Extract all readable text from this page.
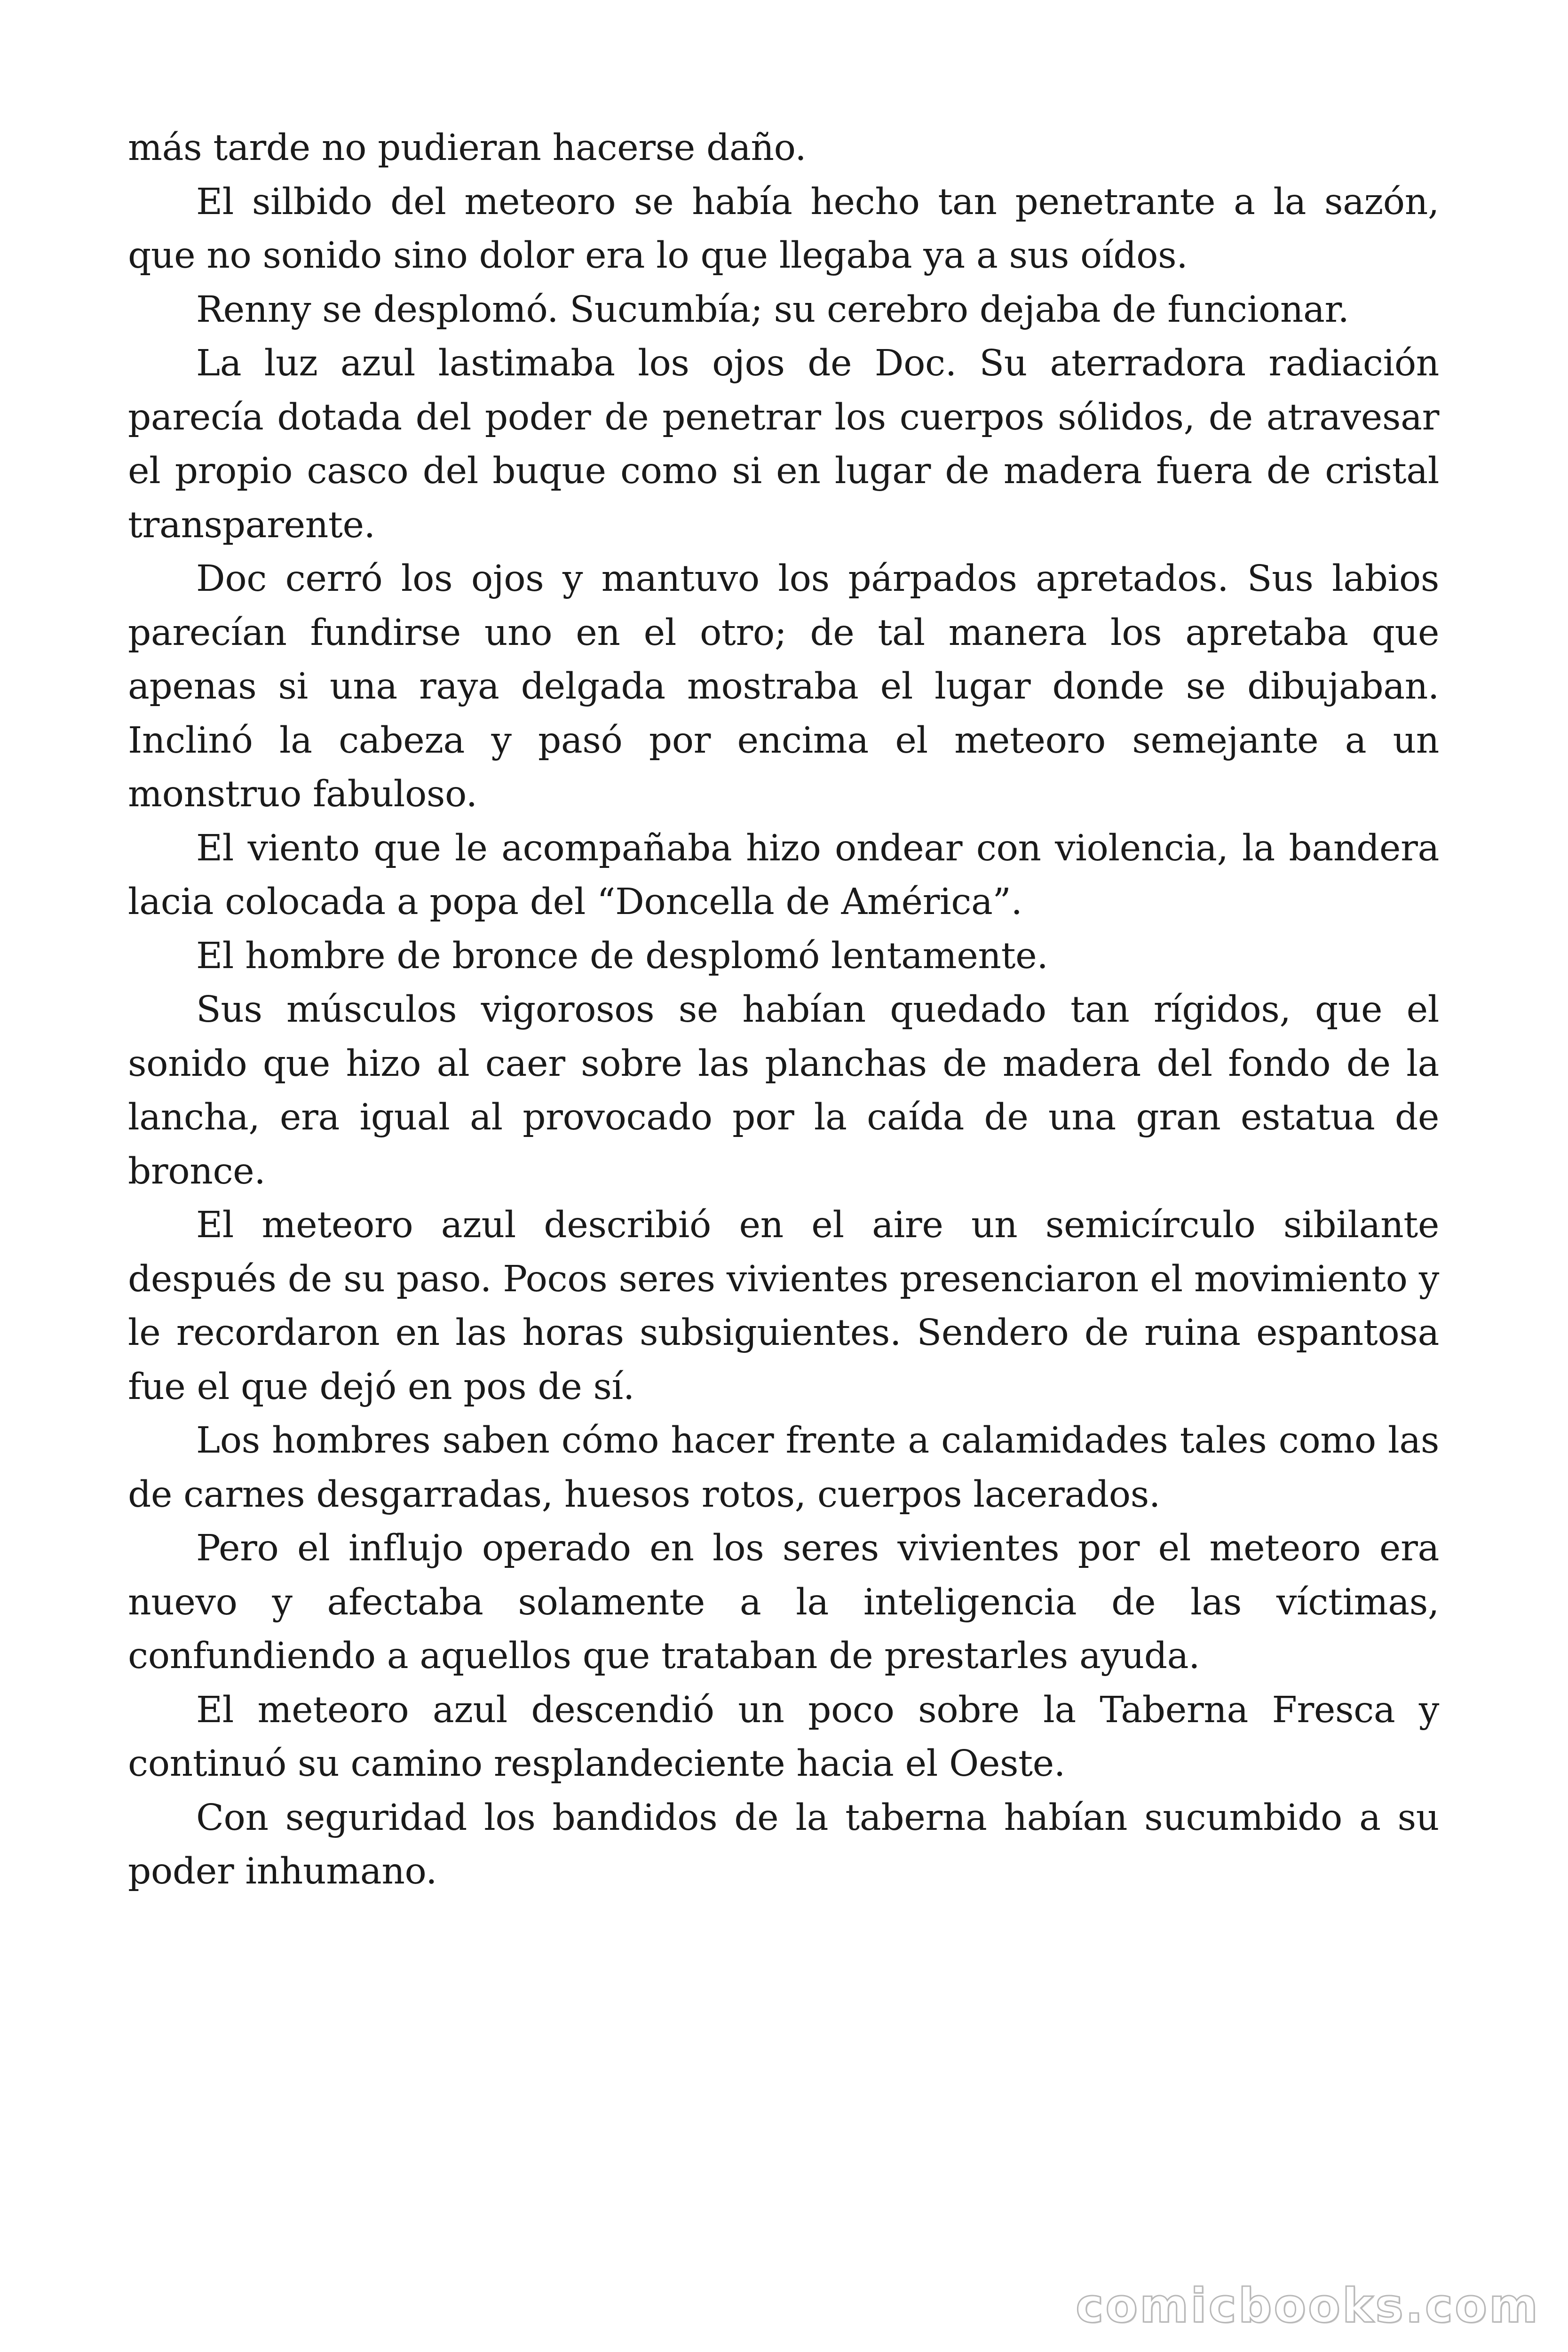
más tarde no pudieran hacerse daño.

El silbido del meteoro se había hecho tan penetrante a la sazón, que no sonido sino dolor era lo que llegaba ya a sus oídos.

Renny se desplomó. Sucumbía; su cerebro dejaba de funcionar.

La luz azul lastimaba los ojos de Doc. Su aterradora radiación parecía dotada del poder de penetrar los cuerpos sólidos, de atravesar el propio casco del buque como si en lugar de madera fuera de cristal transparente.

Doc cerró los ojos y mantuvo los párpados apretados. Sus labios parecían fundirse uno en el otro; de tal manera los apretaba que apenas si una raya delgada mostraba el lugar donde se dibujaban. Inclinó la cabeza y pasó por encima el meteoro semejante a un monstruo fabuloso.

El viento que le acompañaba hizo ondear con violencia, la bandera lacia colocada a popa del “Doncella de América”.

El hombre de bronce de desplomó lentamente.

Sus músculos vigorosos se habían quedado tan rígidos, que el sonido que hizo al caer sobre las planchas de madera del fondo de la lancha, era igual al provocado por la caída de una gran estatua de bronce.

El meteoro azul describió en el aire un semicírculo sibilante después de su paso. Pocos seres vivientes presenciaron el movimiento y le recordaron en las horas subsiguientes. Sendero de ruina espantosa fue el que dejó en pos de sí.

Los hombres saben cómo hacer frente a calamidades tales como las de carnes desgarradas, huesos rotos, cuerpos lacerados.

Pero el influjo operado en los seres vivientes por el meteoro era nuevo y afectaba solamente a la inteligencia de las víctimas, confundiendo a aquellos que trataban de prestarles ayuda.

El meteoro azul descendió un poco sobre la Taberna Fresca y continuó su camino resplandeciente hacia el Oeste.

Con seguridad los bandidos de la taberna habían sucumbido a su poder inhumano.

comicbooks.com
